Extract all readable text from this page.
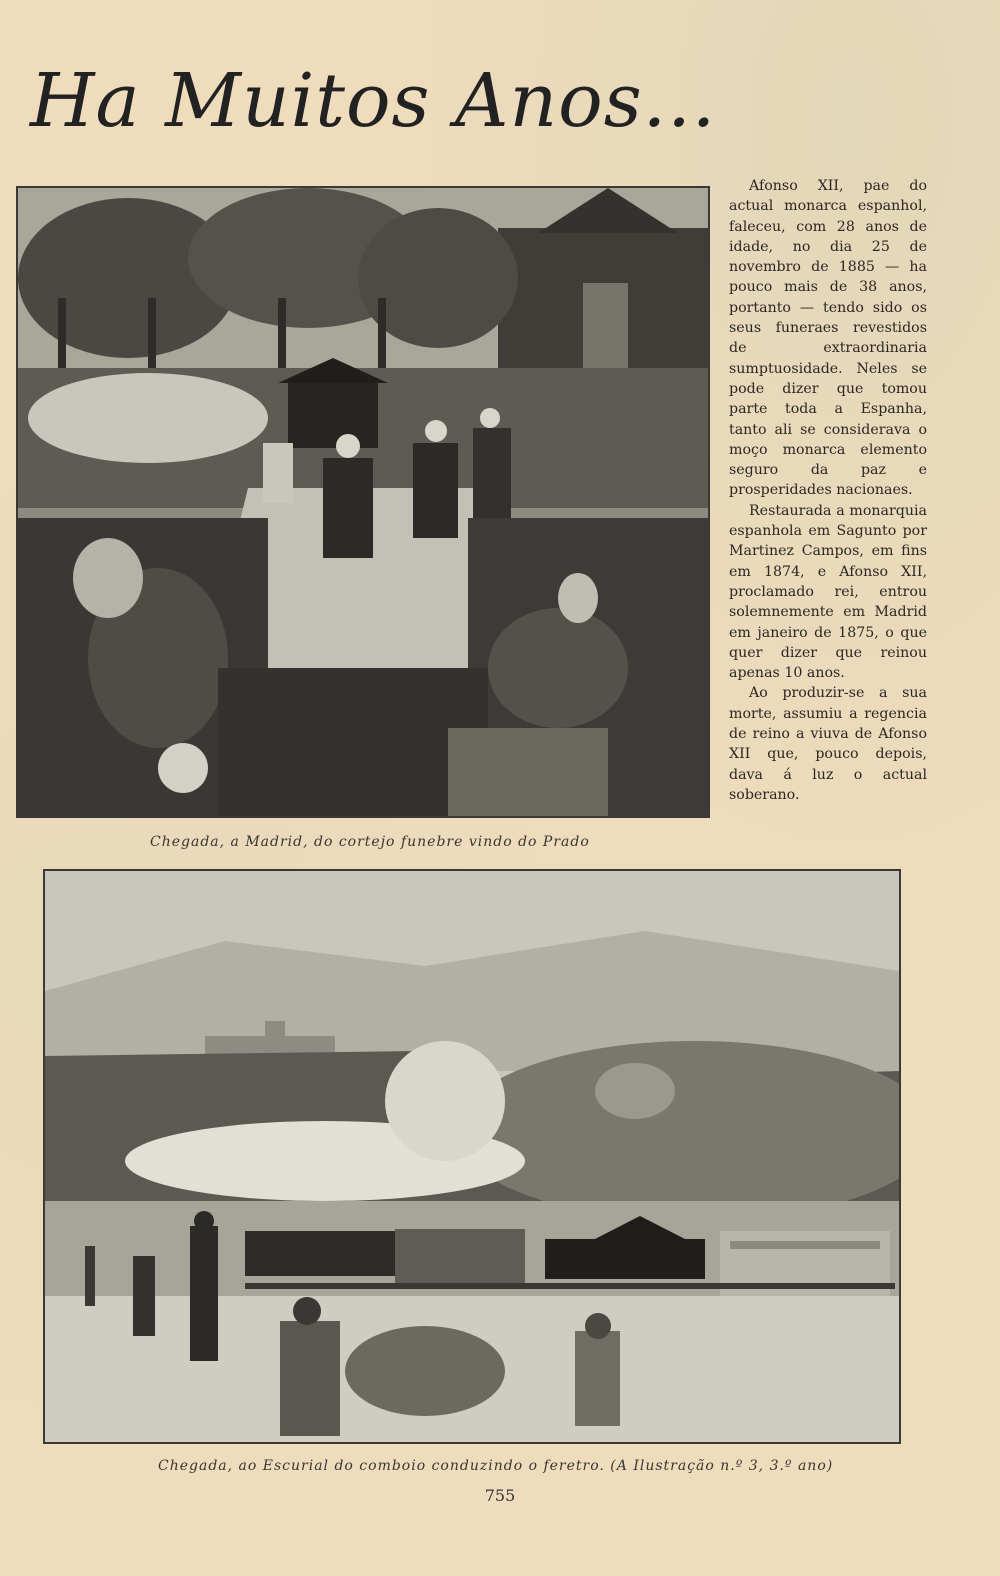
Ha Muitos Anos...
Chegada, a Madrid, do cortejo funebre vindo do Prado

Afonso XII, pae do actual monarca espanhol, faleceu, com 28 anos de idade, no dia 25 de novembro de 1885 — ha pouco mais de 38 anos, portanto — tendo sido os seus funeraes revestidos de extraordinaria sumptuosidade. Neles se pode dizer que tomou parte toda a Espanha, tanto ali se considerava o moço monarca elemento seguro da paz e prosperidades nacionaes.

Restaurada a monarquia espanhola em Sagunto por Martinez Campos, em fins em 1874, e Afonso XII, proclamado rei, entrou solemnemente em Madrid em janeiro de 1875, o que quer dizer que reinou apenas 10 anos.

Ao produzir-se a sua morte, assumiu a regencia de reino a viuva de Afonso XII que, pouco depois, dava á luz o actual soberano.

Chegada, ao Escurial do comboio conduzindo o feretro. (A Ilustração n.º 3, 3.º ano)
755
